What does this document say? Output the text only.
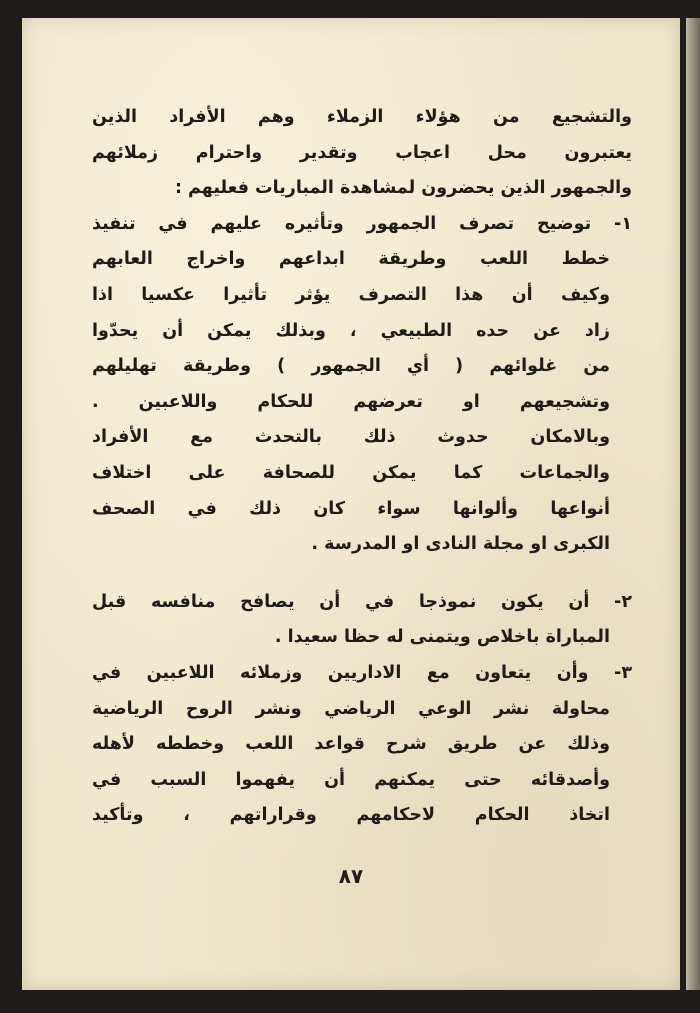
والتشجيع من هؤلاء الزملاء وهم الأفراد الذين
يعتبرون محل اعجاب وتقدير واحترام زملائهم
والجمهور الذين يحضرون لمشاهدة المباريات فعليهم :
١- توضيح تصرف الجمهور وتأثيره عليهم في تنفيذ
خطط اللعب وطريقة ابداعهم واخراج العابهم
وكيف أن هذا التصرف يؤثر تأثيرا عكسيا اذا
زاد عن حده الطبيعي ، وبذلك يمكن أن يحدّوا
من غلوائهم ( أي الجمهور ) وطريقة تهليلهم
وتشجيعهم او تعرضهم للحكام واللاعبين .
وبالامكان حدوث ذلك بالتحدث مع الأفراد
والجماعات كما يمكن للصحافة على اختلاف
أنواعها وألوانها سواء كان ذلك في الصحف
الكبرى او مجلة النادى او المدرسة .
٢- أن يكون نموذجا في أن يصافح منافسه قبل
المباراة باخلاص ويتمنى له حظا سعيدا .
٣- وأن يتعاون مع الاداريين وزملائه اللاعبين في
محاولة نشر الوعي الرياضي ونشر الروح الرياضية
وذلك عن طريق شرح قواعد اللعب وخططه لأهله
وأصدقائه حتى يمكنهم أن يفهموا السبب في
اتخاذ الحكام لاحكامهم وقراراتهم ، وتأكيد
٨٧
